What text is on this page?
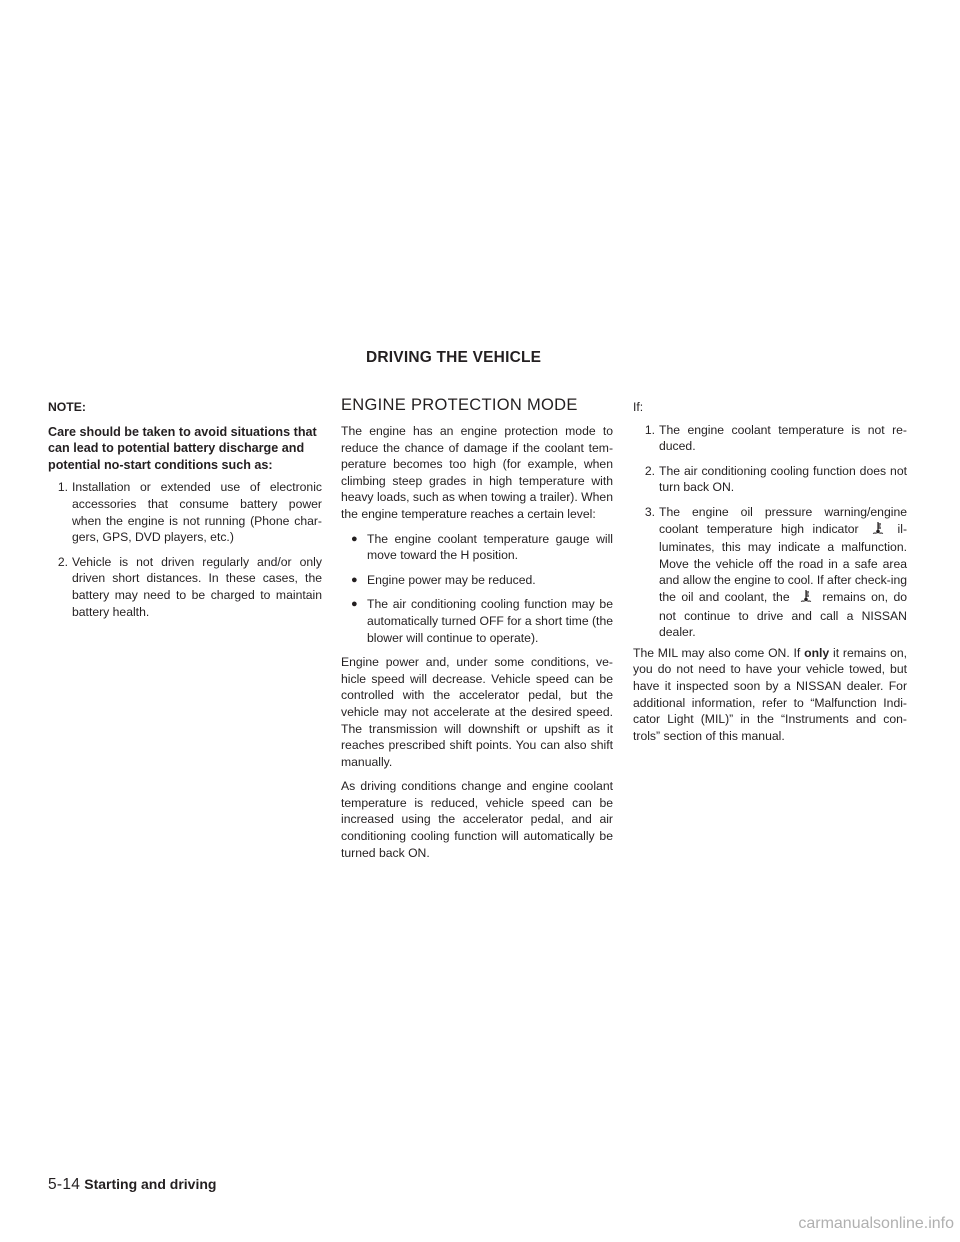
DRIVING THE VEHICLE
NOTE:
Care should be taken to avoid situations that can lead to potential battery discharge and potential no-start conditions such as:
1. Installation or extended use of electronic accessories that consume battery power when the engine is not running (Phone char-gers, GPS, DVD players, etc.)
2. Vehicle is not driven regularly and/or only driven short distances. In these cases, the battery may need to be charged to maintain battery health.
ENGINE PROTECTION MODE

The engine has an engine protection mode to reduce the chance of damage if the coolant tem-perature becomes too high (for example, when climbing steep grades in high temperature with heavy loads, such as when towing a trailer). When the engine temperature reaches a certain level:

● The engine coolant temperature gauge will move toward the H position.
● Engine power may be reduced.
● The air conditioning cooling function may be automatically turned OFF for a short time (the blower will continue to operate).

Engine power and, under some conditions, ve-hicle speed will decrease. Vehicle speed can be controlled with the accelerator pedal, but the vehicle may not accelerate at the desired speed. The transmission will downshift or upshift as it reaches prescribed shift points. You can also shift manually.

As driving conditions change and engine coolant temperature is reduced, vehicle speed can be increased using the accelerator pedal, and air conditioning cooling function will automatically be turned back ON.

If:

1. The engine coolant temperature is not re-duced.
2. The air conditioning cooling function does not turn back ON.
3. The engine oil pressure warning/engine coolant temperature high indicator	il-luminates, this may indicate a malfunction. Move the vehicle off the road in a safe area and allow the engine to cool. If after check-ing the oil and coolant, the	remains on, do not continue to drive and call a NISSAN dealer.

The MIL may also come ON. If only it remains on, you do not need to have your vehicle towed, but have it inspected soon by a NISSAN dealer. For additional information, refer to “Malfunction Indi-cator Light (MIL)” in the “Instruments and con-trols” section of this manual.

5-14 Starting and driving
carmanualsonline.info
